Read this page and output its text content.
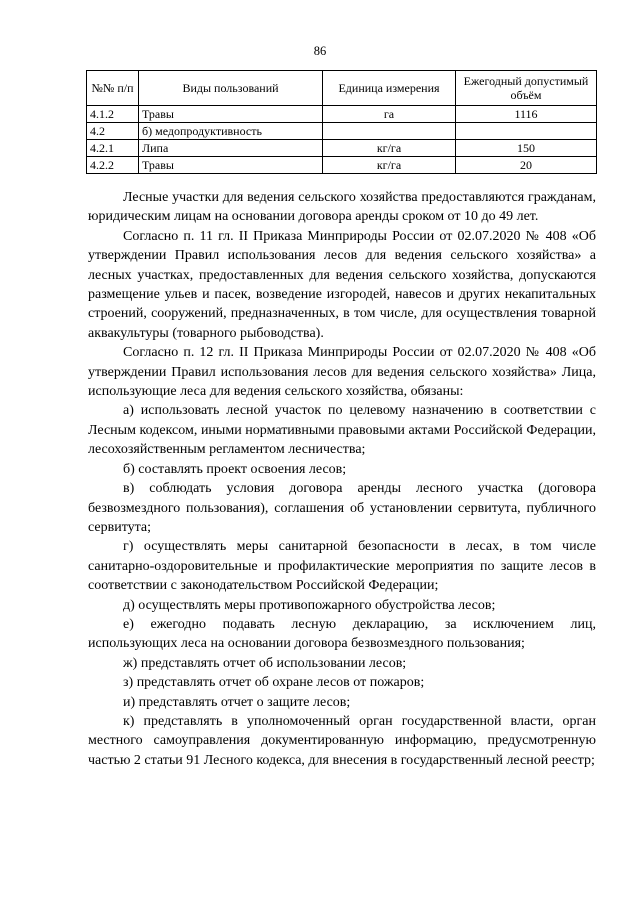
86
№№ п/п	Виды пользований	Единица измерения	Ежегодный допустимый объём
4.1.2	Травы	га	1116
4.2	б) медопродуктивность		
4.2.1	Липа	кг/га	150
4.2.2	Травы	кг/га	20

Лесные участки для ведения сельского хозяйства предоставляются гражданам, юридическим лицам на основании договора аренды сроком от 10 до 49 лет.

Согласно п. 11 гл. II Приказа Минприроды России от 02.07.2020 № 408 «Об утверждении Правил использования лесов для ведения сельского хозяйства» а лесных участках, предоставленных для ведения сельского хозяйства, допускаются размещение ульев и пасек, возведение изгородей, навесов и других некапитальных строений, сооружений, предназначенных, в том числе, для осуществления товарной аквакультуры (товарного рыбоводства).

Согласно п. 12 гл. II Приказа Минприроды России от 02.07.2020 № 408 «Об утверждении Правил использования лесов для ведения сельского хозяйства» Лица, использующие леса для ведения сельского хозяйства, обязаны:

а) использовать лесной участок по целевому назначению в соответствии с Лесным кодексом, иными нормативными правовыми актами Российской Федерации, лесохозяйственным регламентом лесничества;

б) составлять проект освоения лесов;

в) соблюдать условия договора аренды лесного участка (договора безвозмездного пользования), соглашения об установлении сервитута, публичного сервитута;

г) осуществлять меры санитарной безопасности в лесах, в том числе санитарно-оздоровительные и профилактические мероприятия по защите лесов в соответствии с законодательством Российской Федерации;

д) осуществлять меры противопожарного обустройства лесов;

е) ежегодно подавать лесную декларацию, за исключением лиц, использующих леса на основании договора безвозмездного пользования;

ж) представлять отчет об использовании лесов;

з) представлять отчет об охране лесов от пожаров;

и) представлять отчет о защите лесов;

к) представлять в уполномоченный орган государственной власти, орган местного самоуправления документированную информацию, предусмотренную частью 2 статьи 91 Лесного кодекса, для внесения в государственный лесной реестр;
